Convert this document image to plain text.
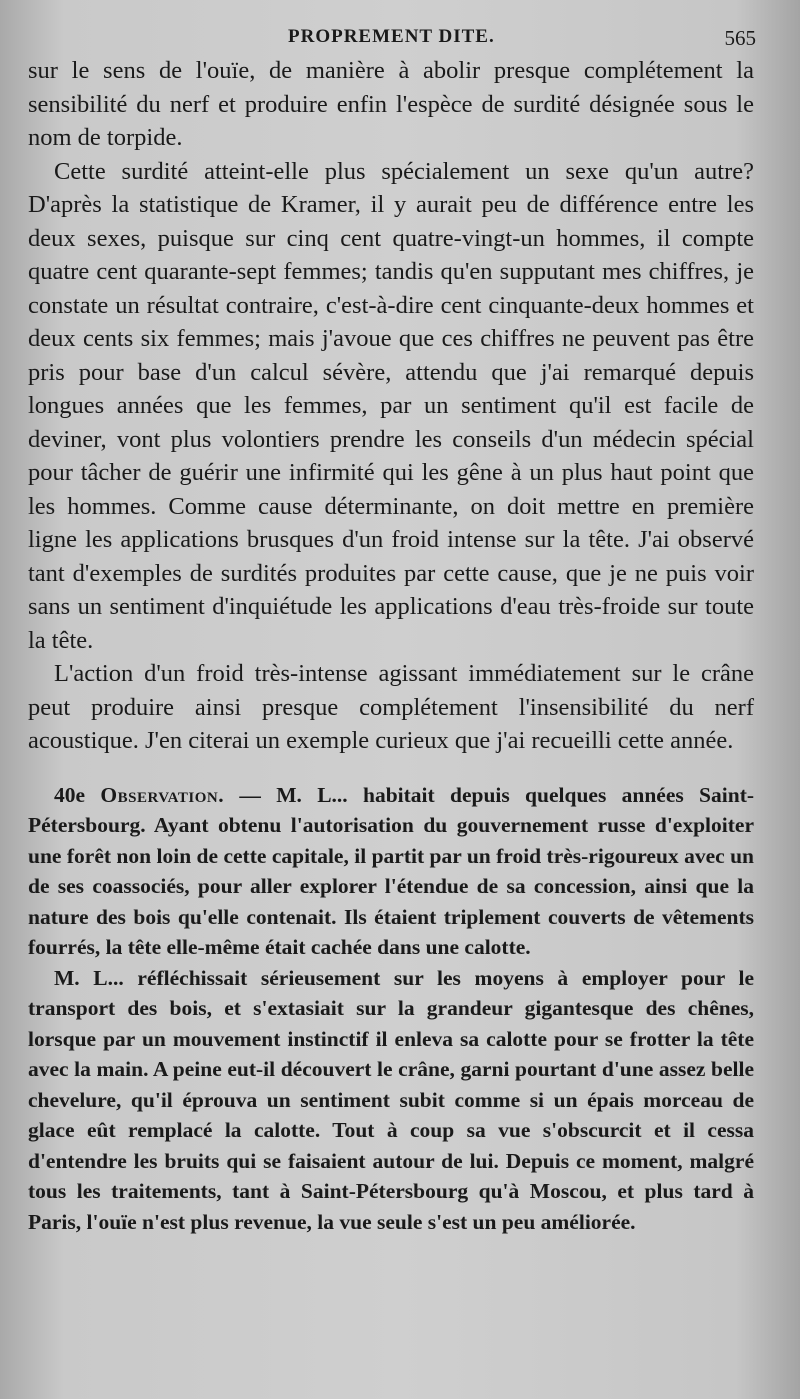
PROPREMENT DITE.	565

sur le sens de l'ouïe, de manière à abolir presque complétement la sensibilité du nerf et produire enfin l'espèce de surdité désignée sous le nom de torpide.

Cette surdité atteint-elle plus spécialement un sexe qu'un autre? D'après la statistique de Kramer, il y aurait peu de différence entre les deux sexes, puisque sur cinq cent quatre-vingt-un hommes, il compte quatre cent quarante-sept femmes; tandis qu'en supputant mes chiffres, je constate un résultat contraire, c'est-à-dire cent cinquante-deux hommes et deux cents six femmes; mais j'avoue que ces chiffres ne peuvent pas être pris pour base d'un calcul sévère, attendu que j'ai remarqué depuis longues années que les femmes, par un sentiment qu'il est facile de deviner, vont plus volontiers prendre les conseils d'un médecin spécial pour tâcher de guérir une infirmité qui les gêne à un plus haut point que les hommes. Comme cause déterminante, on doit mettre en première ligne les applications brusques d'un froid intense sur la tête. J'ai observé tant d'exemples de surdités produites par cette cause, que je ne puis voir sans un sentiment d'inquiétude les applications d'eau très-froide sur toute la tête.

L'action d'un froid très-intense agissant immédiatement sur le crâne peut produire ainsi presque complétement l'insensibilité du nerf acoustique. J'en citerai un exemple curieux que j'ai recueilli cette année.

40e Observation. — M. L... habitait depuis quelques années Saint-Pétersbourg. Ayant obtenu l'autorisation du gouvernement russe d'exploiter une forêt non loin de cette capitale, il partit par un froid très-rigoureux avec un de ses coassociés, pour aller explorer l'étendue de sa concession, ainsi que la nature des bois qu'elle contenait. Ils étaient triplement couverts de vêtements fourrés, la tête elle-même était cachée dans une calotte.

M. L... réfléchissait sérieusement sur les moyens à employer pour le transport des bois, et s'extasiait sur la grandeur gigantesque des chênes, lorsque par un mouvement instinctif il enleva sa calotte pour se frotter la tête avec la main. A peine eut-il découvert le crâne, garni pourtant d'une assez belle chevelure, qu'il éprouva un sentiment subit comme si un épais morceau de glace eût remplacé la calotte. Tout à coup sa vue s'obscurcit et il cessa d'entendre les bruits qui se faisaient autour de lui. Depuis ce moment, malgré tous les traitements, tant à Saint-Pétersbourg qu'à Moscou, et plus tard à Paris, l'ouïe n'est plus revenue, la vue seule s'est un peu améliorée.
